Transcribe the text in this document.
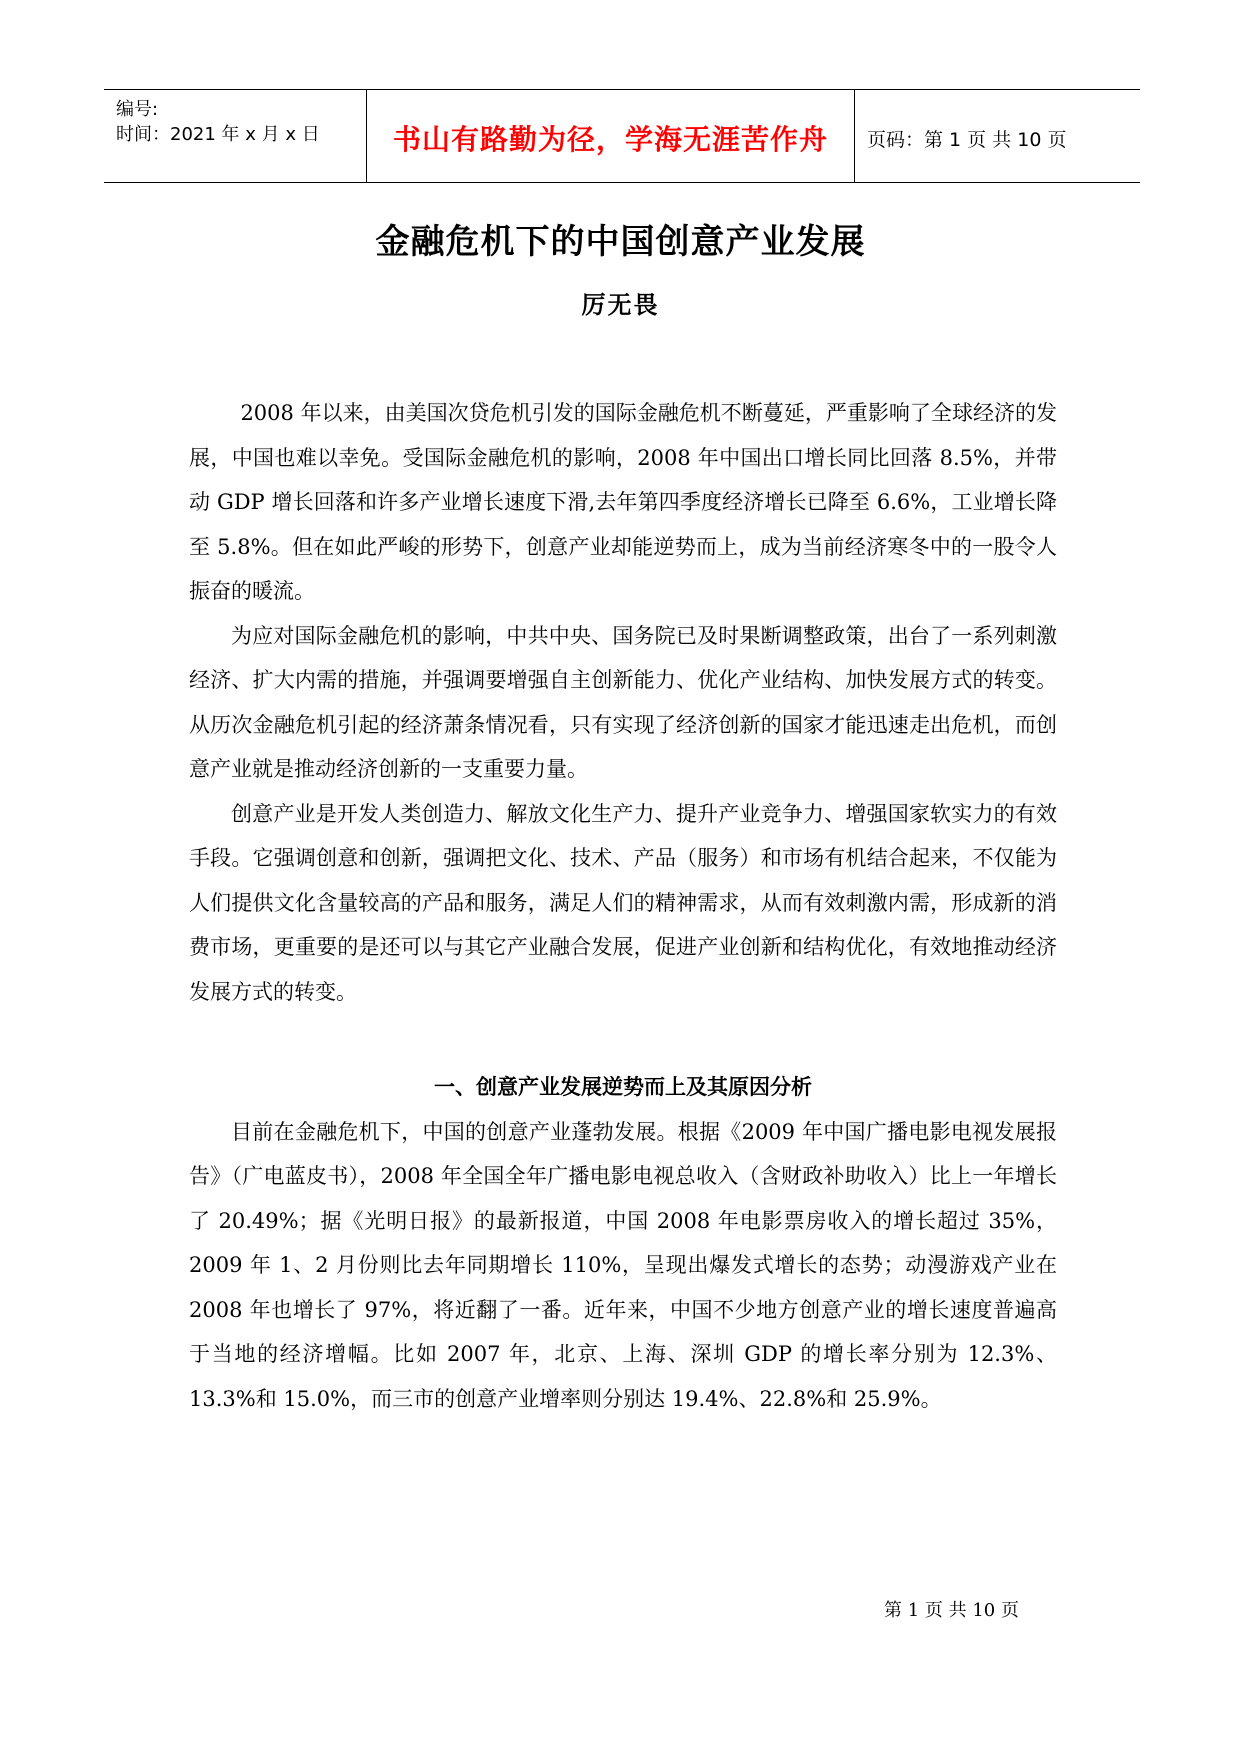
编号:
时间：2021 年 x 月 x 日	书山有路勤为径，学海无涯苦作舟	页码：第 1 页 共 10 页
金融危机下的中国创意产业发展
厉无畏

2008 年以来，由美国次贷危机引发的国际金融危机不断蔓延，严重影响了全球经济的发展，中国也难以幸免。受国际金融危机的影响，2008 年中国出口增长同比回落 8.5%，并带动 GDP 增长回落和许多产业增长速度下滑,去年第四季度经济增长已降至 6.6%，工业增长降至 5.8%。但在如此严峻的形势下，创意产业却能逆势而上，成为当前经济寒冬中的一股令人振奋的暖流。

为应对国际金融危机的影响，中共中央、国务院已及时果断调整政策，出台了一系列刺激经济、扩大内需的措施，并强调要增强自主创新能力、优化产业结构、加快发展方式的转变。从历次金融危机引起的经济萧条情况看，只有实现了经济创新的国家才能迅速走出危机，而创意产业就是推动经济创新的一支重要力量。

创意产业是开发人类创造力、解放文化生产力、提升产业竞争力、增强国家软实力的有效手段。它强调创意和创新，强调把文化、技术、产品（服务）和市场有机结合起来，不仅能为人们提供文化含量较高的产品和服务，满足人们的精神需求，从而有效刺激内需，形成新的消费市场，更重要的是还可以与其它产业融合发展，促进产业创新和结构优化，有效地推动经济发展方式的转变。

一、创意产业发展逆势而上及其原因分析

目前在金融危机下，中国的创意产业蓬勃发展。根据《2009 年中国广播电影电视发展报告》（广电蓝皮书），2008 年全国全年广播电影电视总收入（含财政补助收入）比上一年增长了 20.49%；据《光明日报》的最新报道，中国 2008 年电影票房收入的增长超过 35%，2009 年 1、2 月份则比去年同期增长 110%，呈现出爆发式增长的态势；动漫游戏产业在 2008 年也增长了 97%，将近翻了一番。近年来，中国不少地方创意产业的增长速度普遍高于当地的经济增幅。比如 2007 年，北京、上海、深圳 GDP 的增长率分别为 12.3%、13.3%和 15.0%，而三市的创意产业增率则分别达 19.4%、22.8%和 25.9%。

第 1 页 共 10 页
